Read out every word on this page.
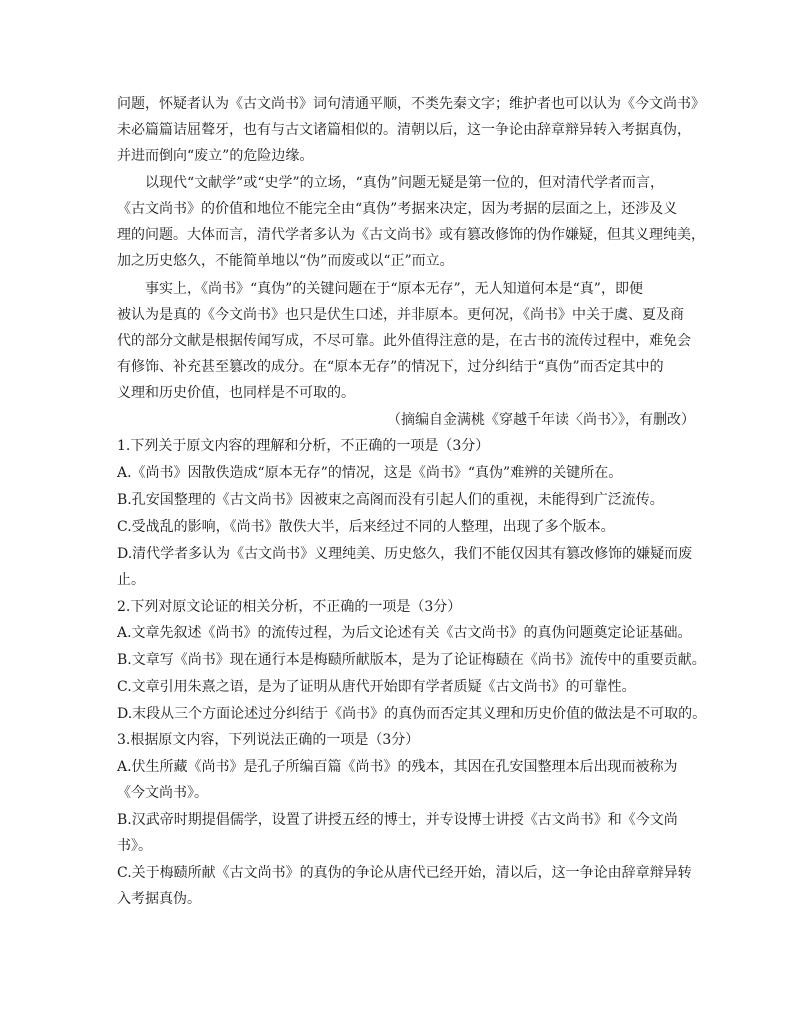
问题，怀疑者认为《古文尚书》词句清通平顺，不类先秦文字；维护者也可以认为《今文尚书》
未必篇篇诘屈聱牙，也有与古文诸篇相似的。清朝以后，这一争论由辞章辩异转入考据真伪，
并进而倒向“废立”的危险边缘。
以现代“文献学”或“史学”的立场，“真伪”问题无疑是第一位的，但对清代学者而言，
《古文尚书》的价值和地位不能完全由“真伪”考据来决定，因为考据的层面之上，还涉及义
理的问题。大体而言，清代学者多认为《古文尚书》或有篡改修饰的伪作嫌疑，但其义理纯美，
加之历史悠久，不能简单地以“伪”而废或以“正”而立。
事实上，《尚书》“真伪”的关键问题在于“原本无存”，无人知道何本是“真”，即便
被认为是真的《今文尚书》也只是伏生口述，并非原本。更何况，《尚书》中关于虞、夏及商
代的部分文献是根据传闻写成，不尽可靠。此外值得注意的是，在古书的流传过程中，难免会
有修饰、补充甚至篡改的成分。在“原本无存”的情况下，过分纠结于“真伪”而否定其中的
义理和历史价值，也同样是不可取的。
（摘编自金满桃《穿越千年读〈尚书〉》，有删改）
1.下列关于原文内容的理解和分析，不正确的一项是（3分）
A.《尚书》因散佚造成“原本无存”的情况，这是《尚书》“真伪”难辨的关键所在。
B.孔安国整理的《古文尚书》因被束之高阁而没有引起人们的重视，未能得到广泛流传。
C.受战乱的影响，《尚书》散佚大半，后来经过不同的人整理，出现了多个版本。
D.清代学者多认为《古文尚书》义理纯美、历史悠久，我们不能仅因其有篡改修饰的嫌疑而废
止。
2.下列对原文论证的相关分析，不正确的一项是（3分）
A.文章先叙述《尚书》的流传过程，为后文论述有关《古文尚书》的真伪问题奠定论证基础。
B.文章写《尚书》现在通行本是梅赜所献版本，是为了论证梅赜在《尚书》流传中的重要贡献。
C.文章引用朱熹之语，是为了证明从唐代开始即有学者质疑《古文尚书》的可靠性。
D.末段从三个方面论述过分纠结于《尚书》的真伪而否定其义理和历史价值的做法是不可取的。
3.根据原文内容，下列说法正确的一项是（3分）
A.伏生所藏《尚书》是孔子所编百篇《尚书》的残本，其因在孔安国整理本后出现而被称为
《今文尚书》。
B.汉武帝时期提倡儒学，设置了讲授五经的博士，并专设博士讲授《古文尚书》和《今文尚
书》。
C.关于梅赜所献《古文尚书》的真伪的争论从唐代已经开始，清以后，这一争论由辞章辩异转
入考据真伪。
